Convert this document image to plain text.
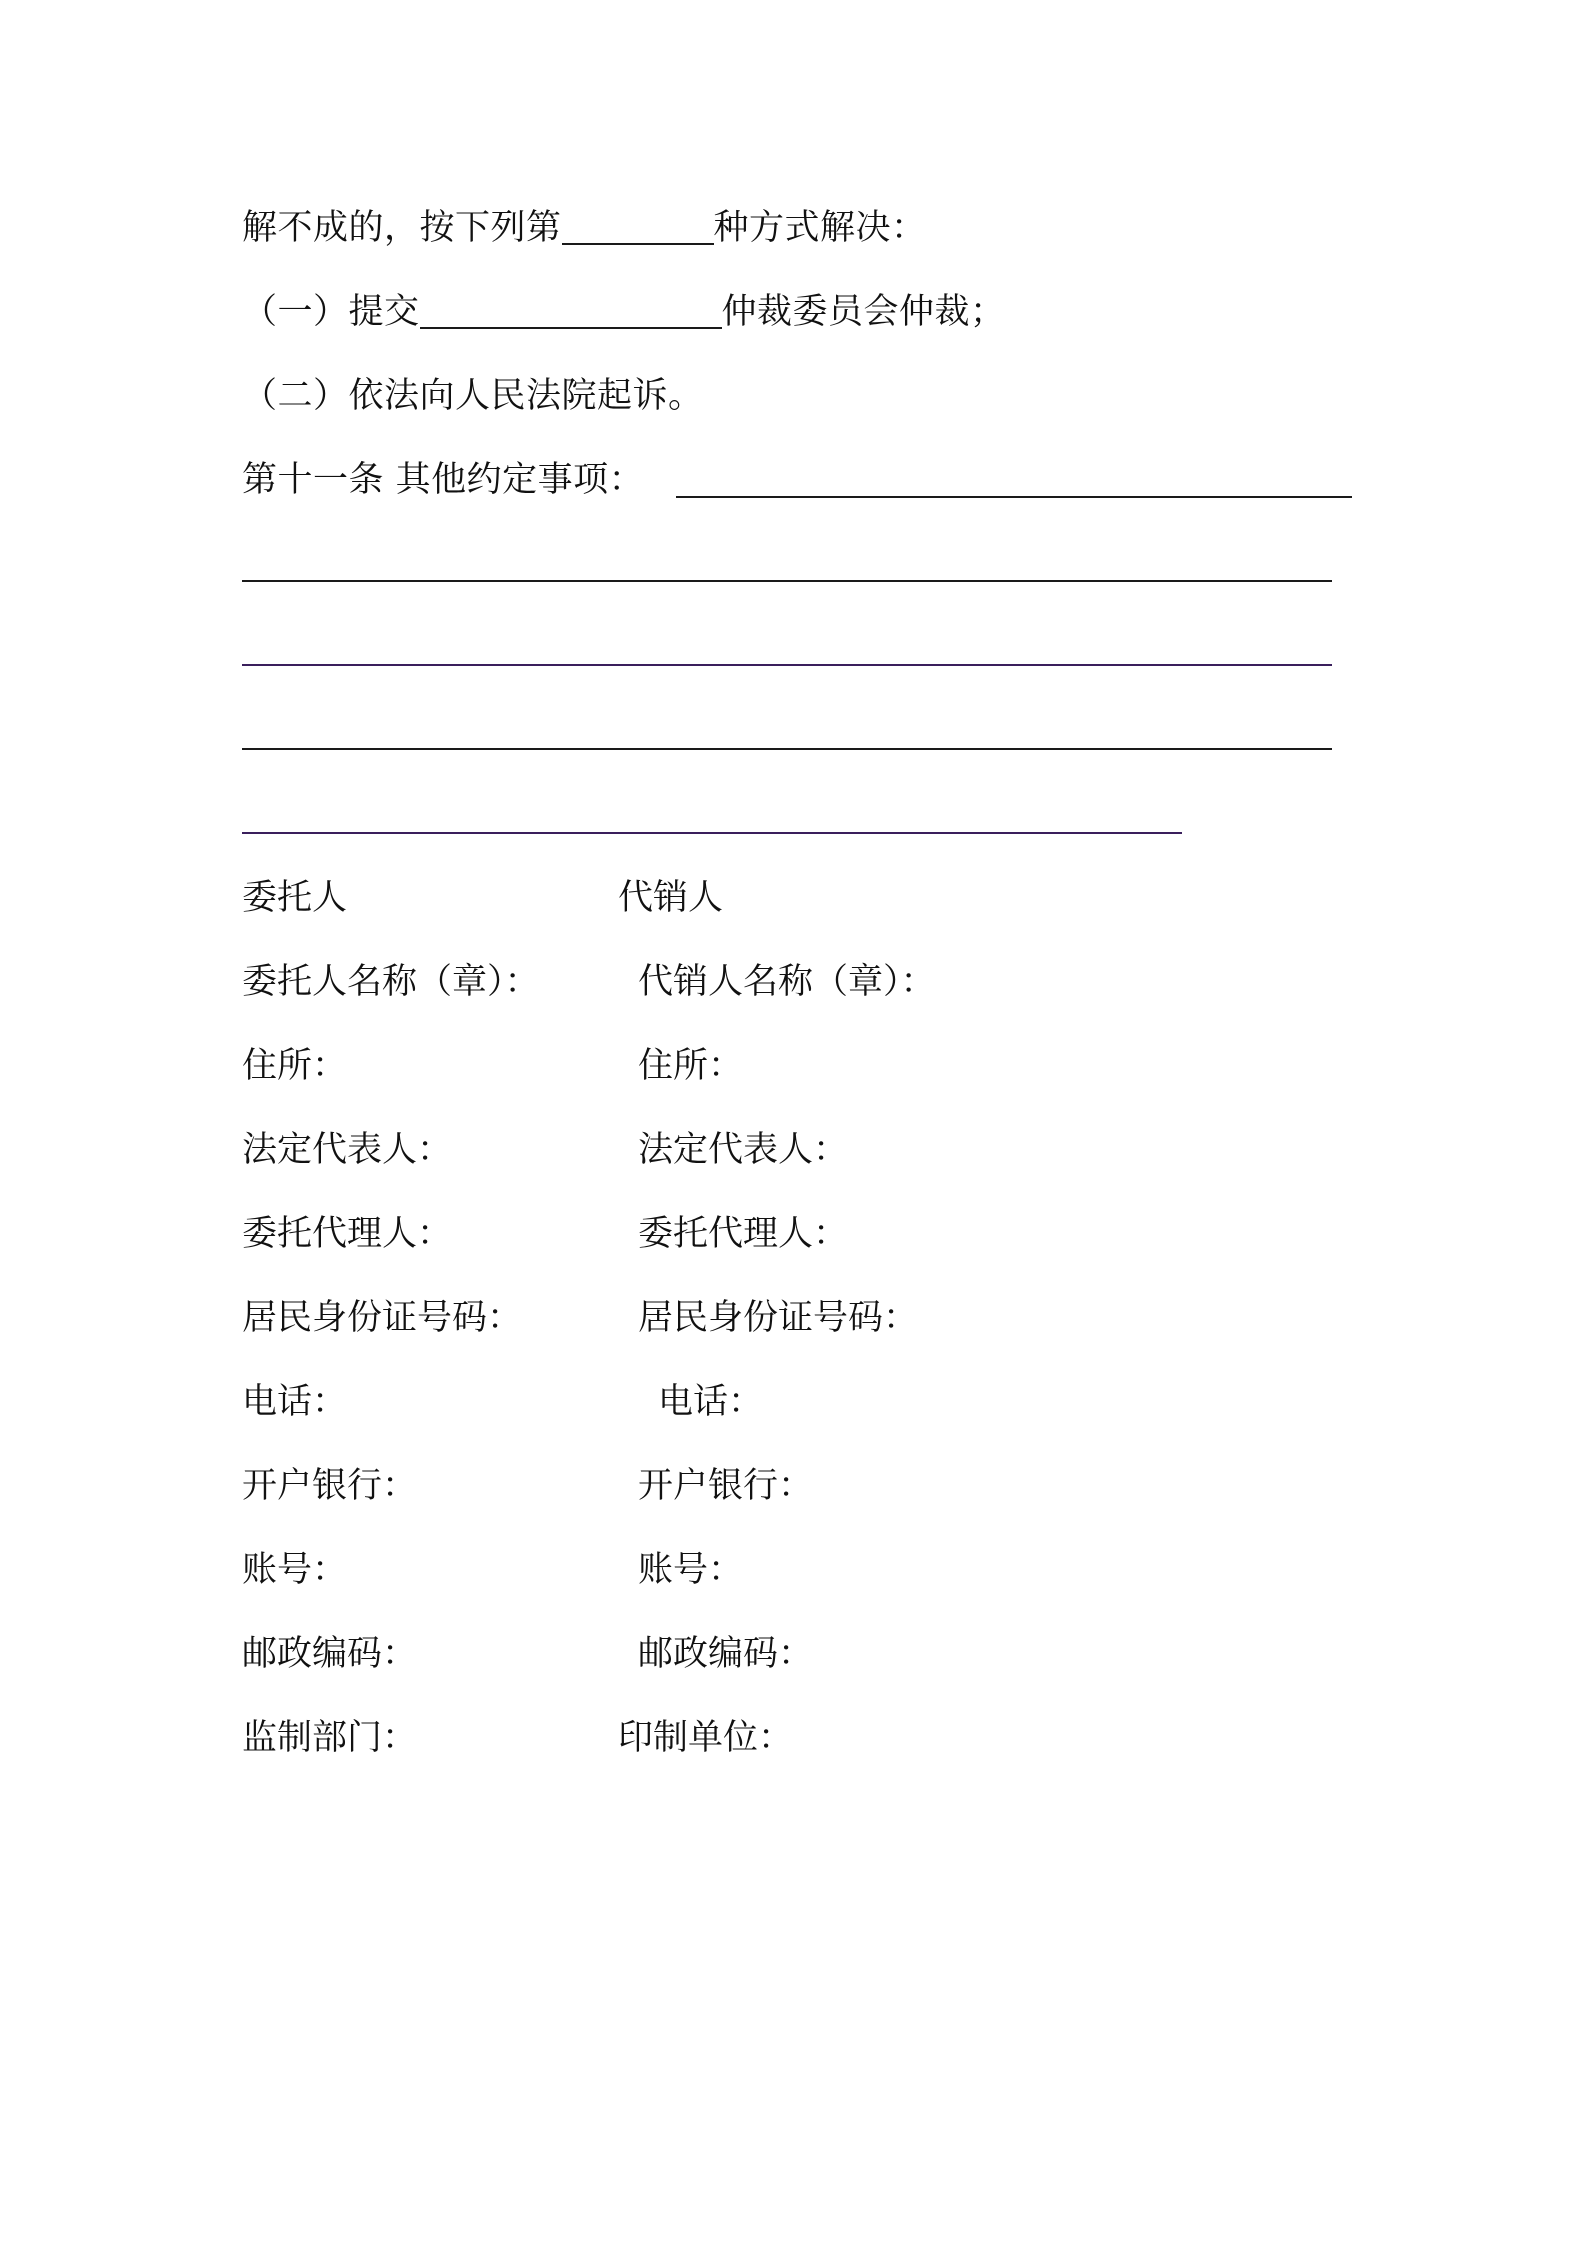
解不成的，按下列第	种方式解决：
（一）提交	仲裁委员会仲裁；
（二）依法向人民法院起诉。
第十一条 其他约定事项：
委托人	代销人
委托人名称（章）：	代销人名称（章）：
住所：	住所：
法定代表人：	法定代表人：
委托代理人：	委托代理人：
居民身份证号码：	居民身份证号码：
电话：	电话：
开户银行：	开户银行：
账号：	账号：
邮政编码：	邮政编码：
监制部门：	印制单位：
